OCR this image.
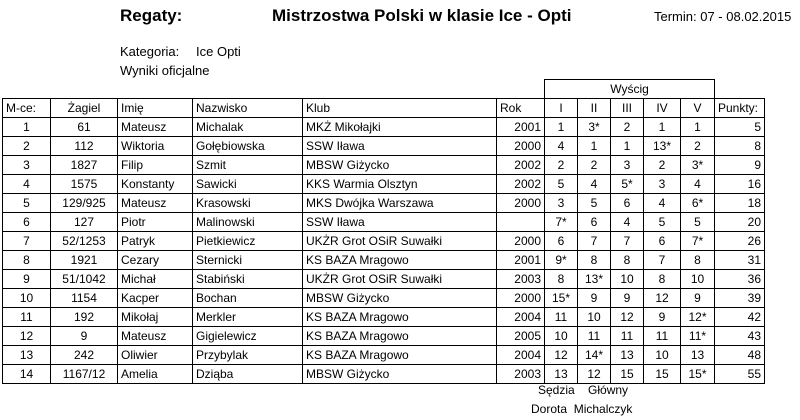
Regaty:	Mistrzostwa Polski w klasie Ice - Opti	Termin: 07 - 08.02.2015
Kategoria: Ice Opti
Wyniki oficjalne
						Wyścig					
M-ce:	Żagiel	Imię	Nazwisko	Klub	Rok	I	II	III	IV	V	Punkty:
1	61	Mateusz	Michalak	MKŻ Mikołajki	2001	1	3*	2	1	1	5
2	112	Wiktoria	Gołębiowska	SSW Iława	2000	4	1	1	13*	2	8
3	1827	Filip	Szmit	MBSW Giżycko	2002	2	2	3	2	3*	9
4	1575	Konstanty	Sawicki	KKS Warmia Olsztyn	2002	5	4	5*	3	4	16
5	129/925	Mateusz	Krasowski	MKS Dwójka Warszawa	2000	3	5	6	4	6*	18
6	127	Piotr	Malinowski	SSW Iława		7*	6	4	5	5	20
7	52/1253	Patryk	Pietkiewicz	UKŻR Grot OSiR Suwałki	2000	6	7	7	6	7*	26
8	1921	Cezary	Sternicki	KS BAZA Mragowo	2001	9*	8	8	7	8	31
9	51/1042	Michał	Stabiński	UKŻR Grot OSiR Suwałki	2003	8	13*	10	8	10	36
10	1154	Kacper	Bochan	MBSW Giżycko	2000	15*	9	9	12	9	39
11	192	Mikołaj	Merkler	KS BAZA Mragowo	2004	11	10	12	9	12*	42
12	9	Mateusz	Gigielewicz	KS BAZA Mragowo	2005	10	11	11	11	11*	43
13	242	Oliwier	Przybylak	KS BAZA Mragowo	2004	12	14*	13	10	13	48
14	1167/12	Amelia	Dziąba	MBSW Giżycko	2003	13	12	15	15	15*	55
Sędzia Główny
Dorota Michalczyk
